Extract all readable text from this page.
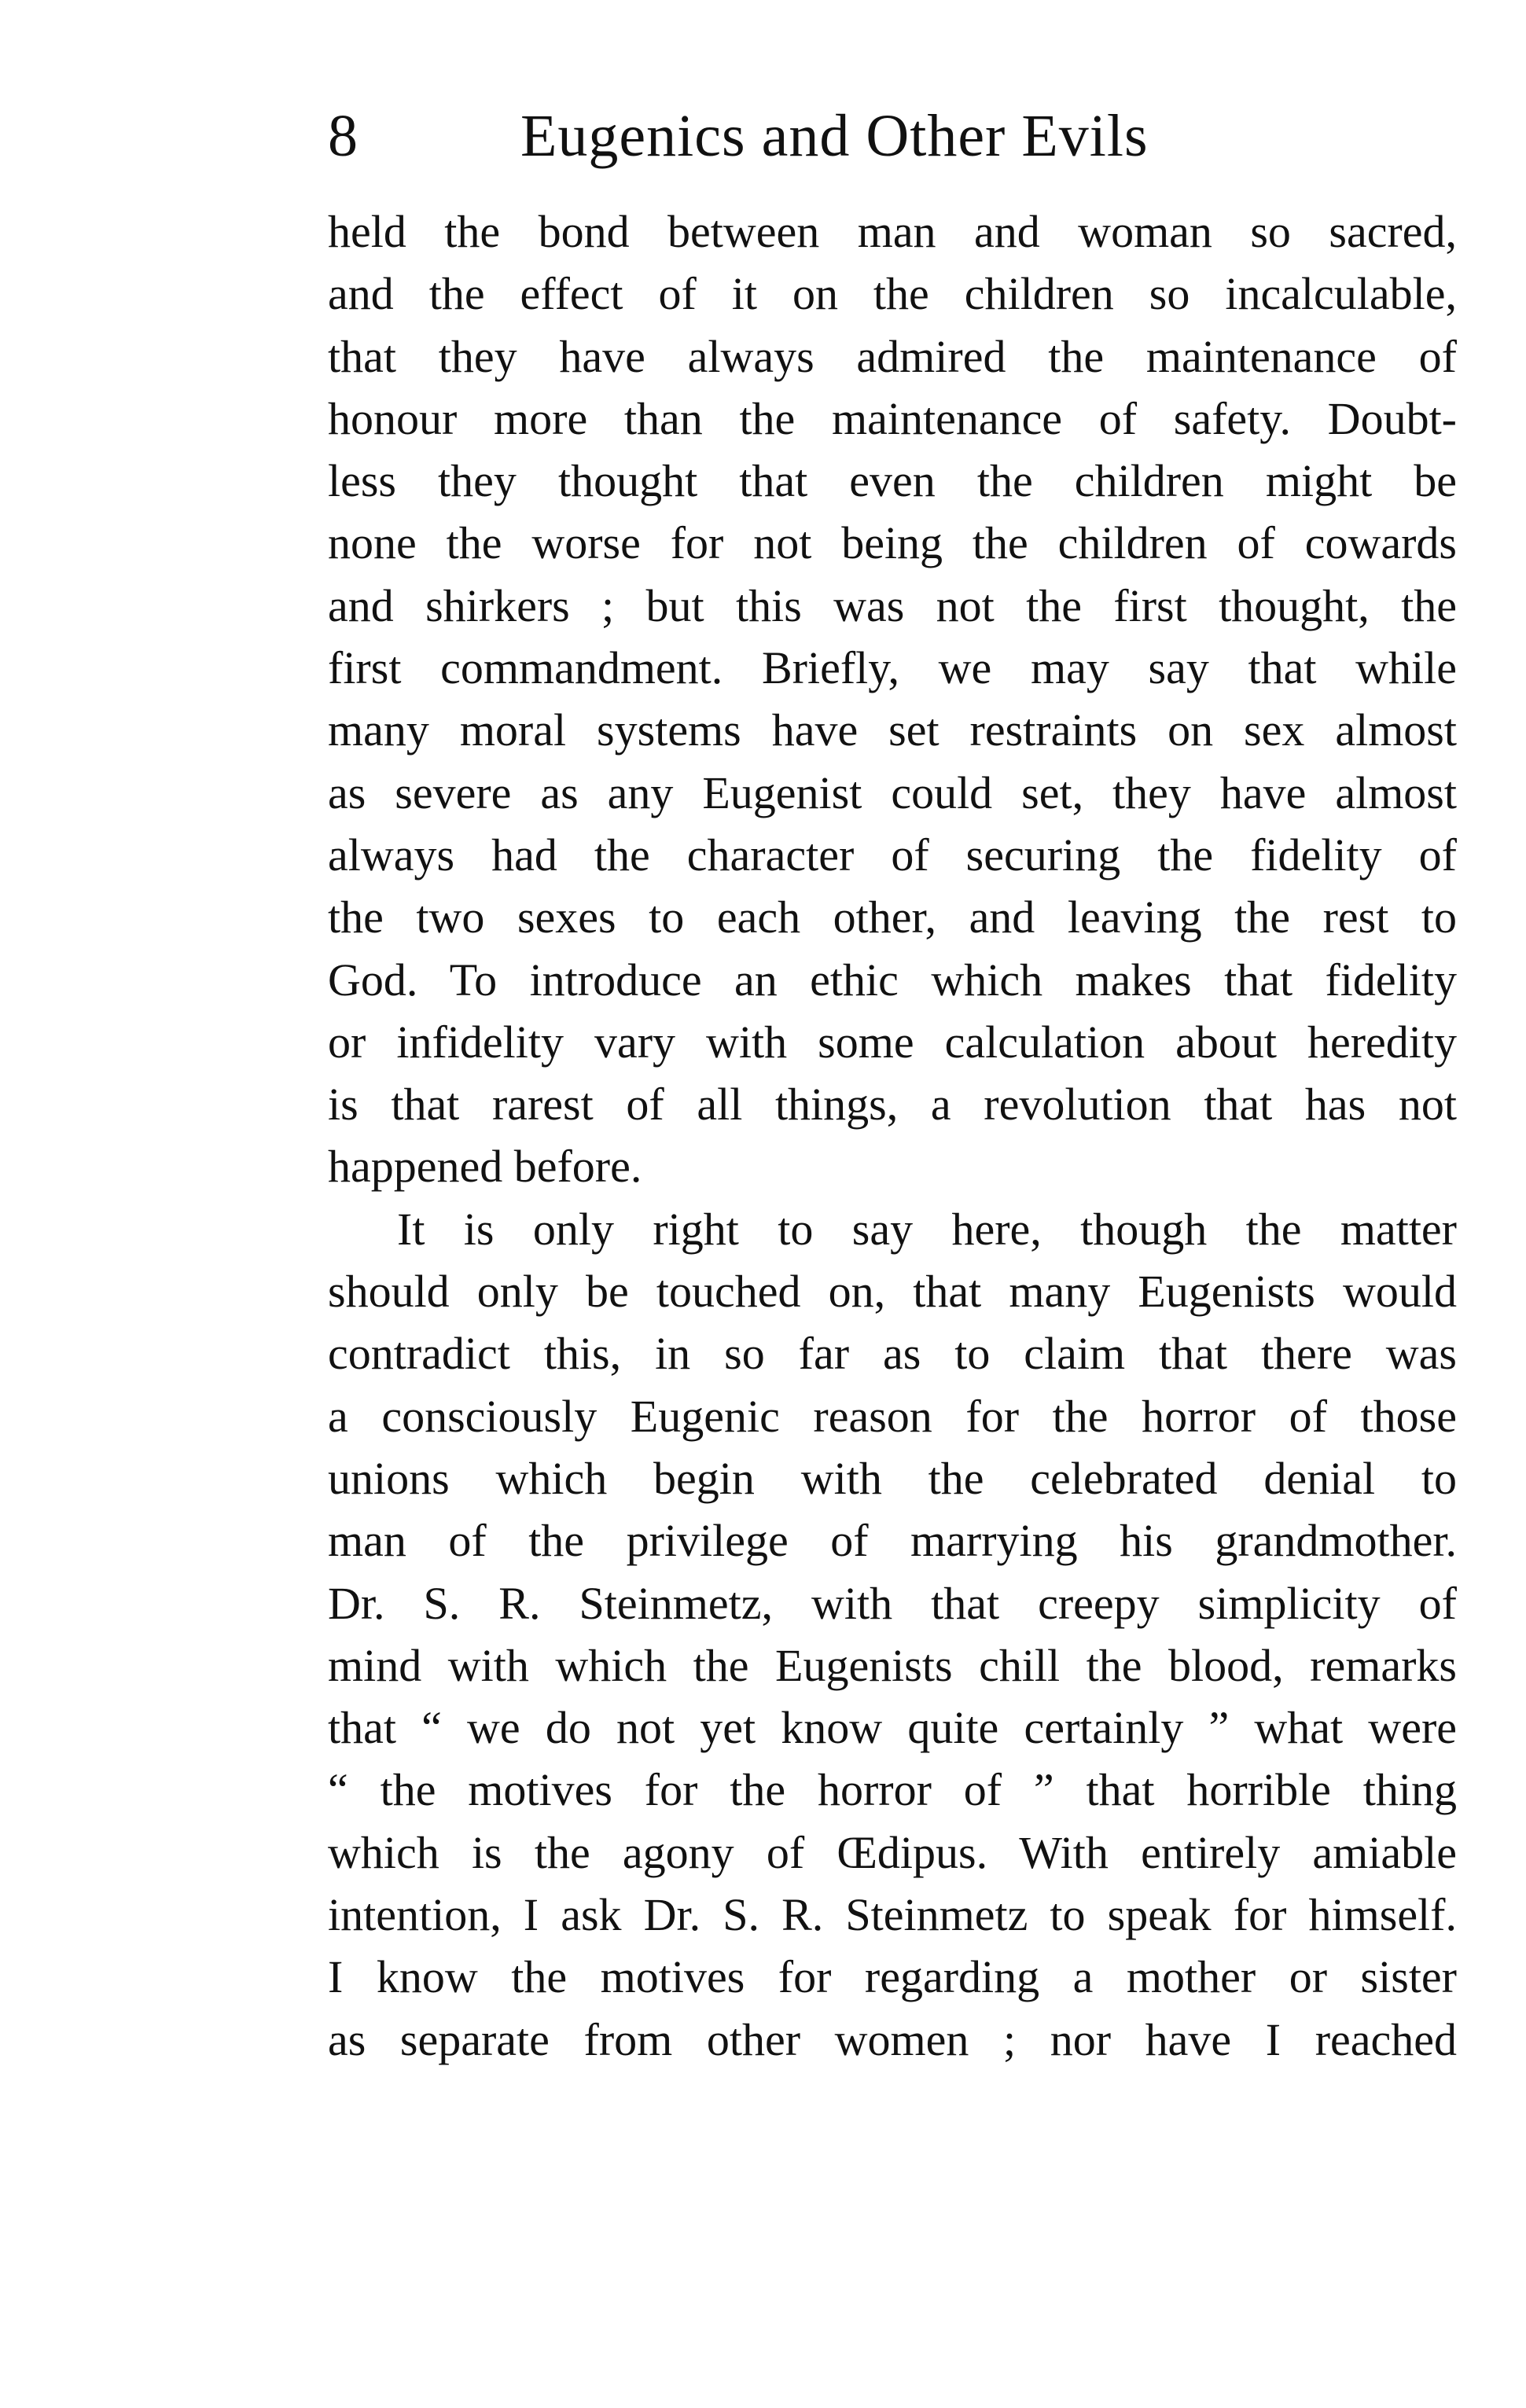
8	Eugenics and Other Evils
held the bond between man and woman so sacred,
and the effect of it on the children so incalculable,
that they have always admired the maintenance of
honour more than the maintenance of safety. Doubt-
less they thought that even the children might be
none the worse for not being the children of cowards
and shirkers ; but this was not the first thought, the
first commandment. Briefly, we may say that while
many moral systems have set restraints on sex almost
as severe as any Eugenist could set, they have almost
always had the character of securing the fidelity of
the two sexes to each other, and leaving the rest to
God. To introduce an ethic which makes that fidelity
or infidelity vary with some calculation about heredity
is that rarest of all things, a revolution that has not
happened before.
It is only right to say here, though the matter
should only be touched on, that many Eugenists would
contradict this, in so far as to claim that there was
a consciously Eugenic reason for the horror of those
unions which begin with the celebrated denial to
man of the privilege of marrying his grandmother.
Dr. S. R. Steinmetz, with that creepy simplicity of
mind with which the Eugenists chill the blood, remarks
that “ we do not yet know quite certainly ” what were
“ the motives for the horror of ” that horrible thing
which is the agony of Œdipus. With entirely amiable
intention, I ask Dr. S. R. Steinmetz to speak for himself.
I know the motives for regarding a mother or sister
as separate from other women ; nor have I reached
